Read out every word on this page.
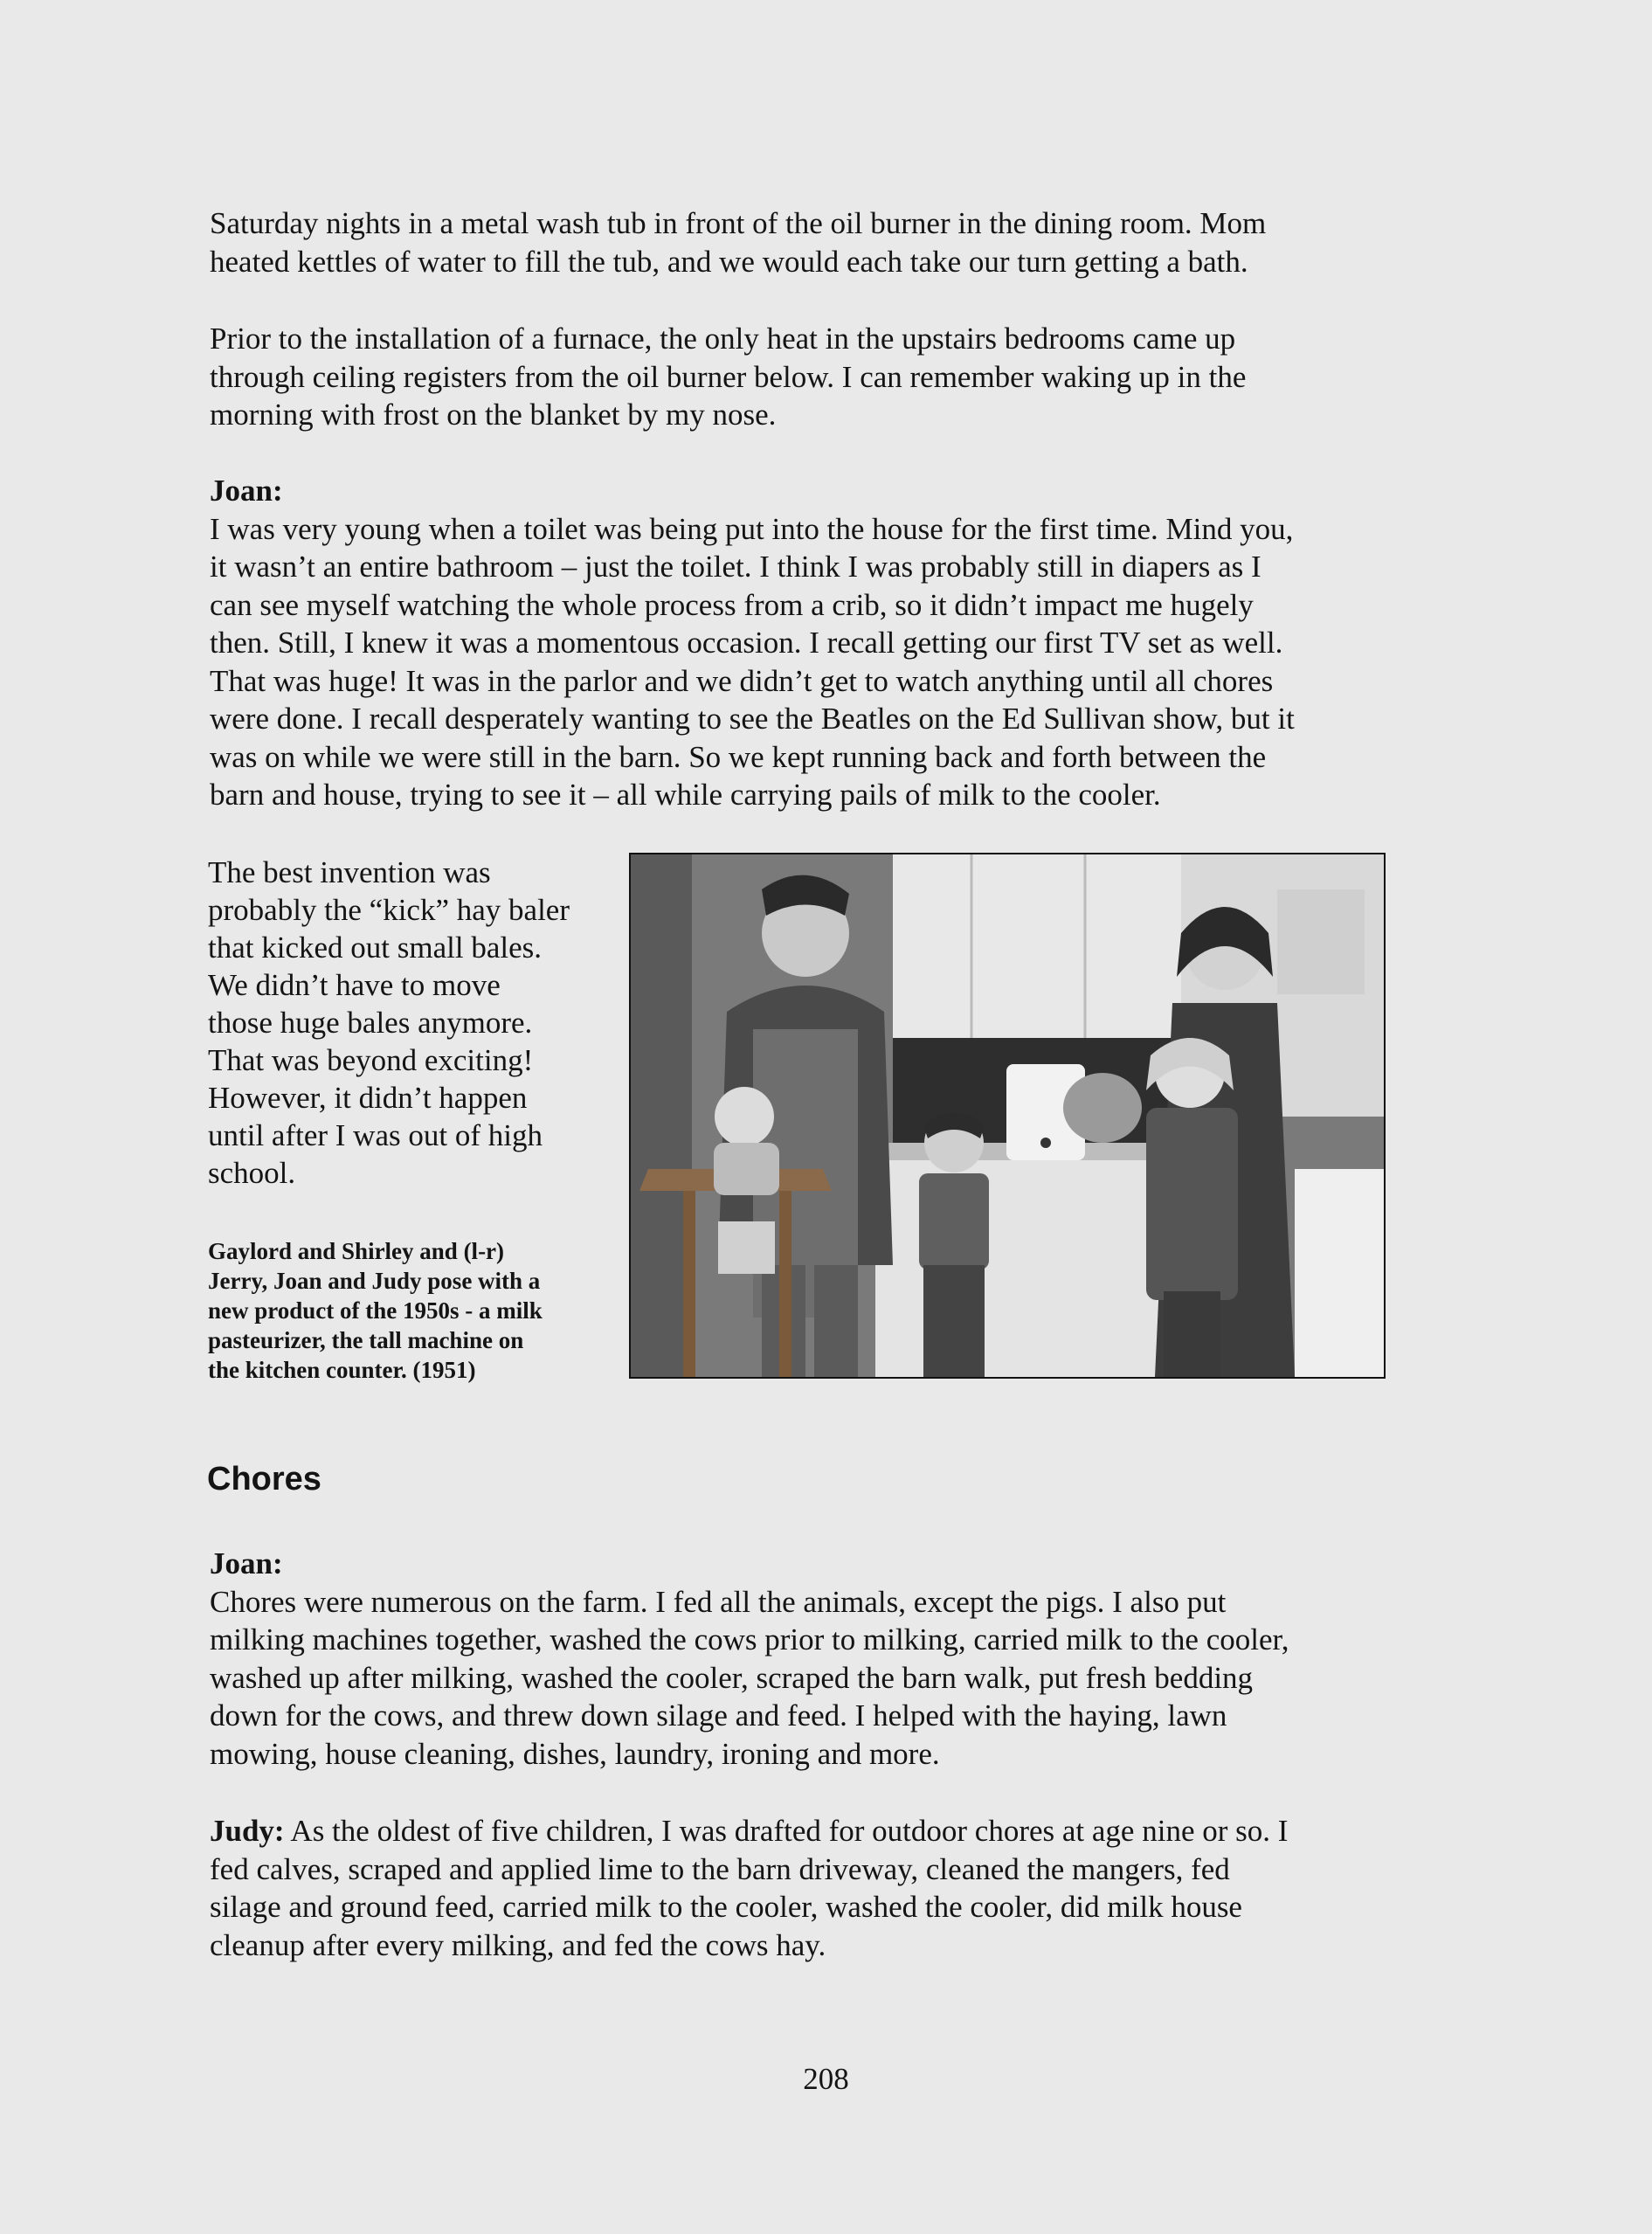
Saturday nights in a metal wash tub in front of the oil burner in the dining room. Mom

heated kettles of water to fill the tub, and we would each take our turn getting a bath.

Prior to the installation of a furnace, the only heat in the upstairs bedrooms came up

through ceiling registers from the oil burner below. I can remember waking up in the

morning with frost on the blanket by my nose.

Joan:

I was very young when a toilet was being put into the house for the first time. Mind you,

it wasn’t an entire bathroom – just the toilet. I think I was probably still in diapers as I

can see myself watching the whole process from a crib, so it didn’t impact me hugely

then. Still, I knew it was a momentous occasion. I recall getting our first TV set as well.

That was huge! It was in the parlor and we didn’t get to watch anything until all chores

were done. I recall desperately wanting to see the Beatles on the Ed Sullivan show, but it

was on while we were still in the barn. So we kept running back and forth between the

barn and house, trying to see it – all while carrying pails of milk to the cooler.

The best invention was
probably the “kick” hay baler
that kicked out small bales.
We didn’t have to move
those huge bales anymore.
That was beyond exciting!
However, it didn’t happen
until after I was out of high
school.
Gaylord and Shirley and (l-r)
Jerry, Joan and Judy pose with a
new product of the 1950s - a milk
pasteurizer, the tall machine on
the kitchen counter. (1951)
Chores

Joan:

Chores were numerous on the farm. I fed all the animals, except the pigs. I also put

milking machines together, washed the cows prior to milking, carried milk to the cooler,

washed up after milking, washed the cooler, scraped the barn walk, put fresh bedding

down for the cows, and threw down silage and feed. I helped with the haying, lawn

mowing, house cleaning, dishes, laundry, ironing and more.

Judy: As the oldest of five children, I was drafted for outdoor chores at age nine or so. I

fed calves, scraped and applied lime to the barn driveway, cleaned the mangers, fed

silage and ground feed, carried milk to the cooler, washed the cooler, did milk house

cleanup after every milking, and fed the cows hay.

208
